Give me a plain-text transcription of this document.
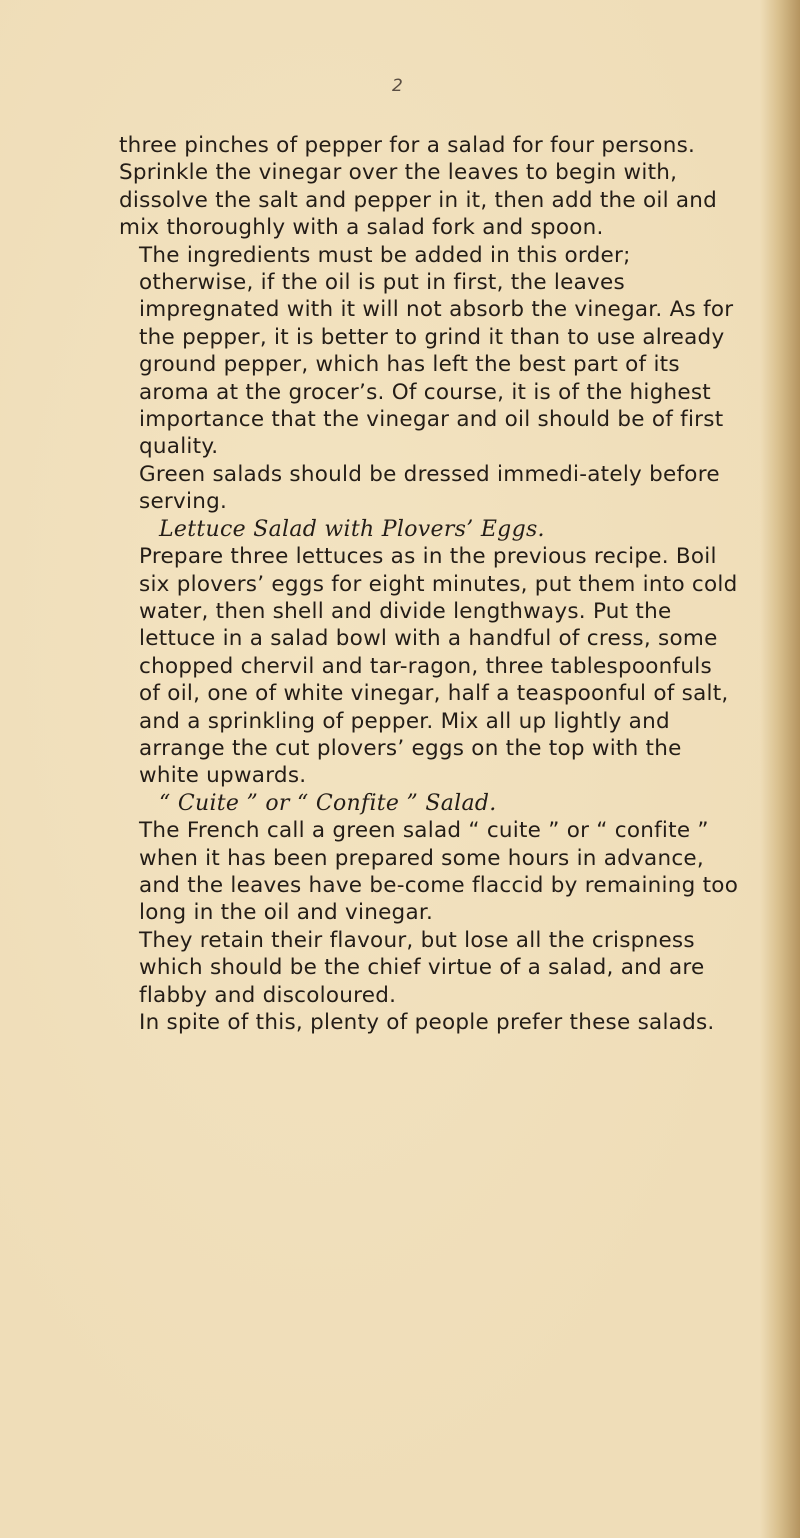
2

three pinches of pepper for a salad for four persons. Sprinkle the vinegar over the leaves to begin with, dissolve the salt and pepper in it, then add the oil and mix thoroughly with a salad fork and spoon.

The ingredients must be added in this order; otherwise, if the oil is put in first, the leaves impregnated with it will not absorb the vinegar. As for the pepper, it is better to grind it than to use already ground pepper, which has left the best part of its aroma at the grocer’s. Of course, it is of the highest importance that the vinegar and oil should be of first quality.

Green salads should be dressed immedi-ately before serving.

Lettuce Salad with Plovers’ Eggs.

Prepare three lettuces as in the previous recipe. Boil six plovers’ eggs for eight minutes, put them into cold water, then shell and divide lengthways. Put the lettuce in a salad bowl with a handful of cress, some chopped chervil and tar-ragon, three tablespoonfuls of oil, one of white vinegar, half a teaspoonful of salt, and a sprinkling of pepper. Mix all up lightly and arrange the cut plovers’ eggs on the top with the white upwards.

“ Cuite ” or “ Confite ” Salad.

The French call a green salad “ cuite ” or “ confite ” when it has been prepared some hours in advance, and the leaves have be-come flaccid by remaining too long in the oil and vinegar.

They retain their flavour, but lose all the crispness which should be the chief virtue of a salad, and are flabby and discoloured.

In spite of this, plenty of people prefer these salads.
